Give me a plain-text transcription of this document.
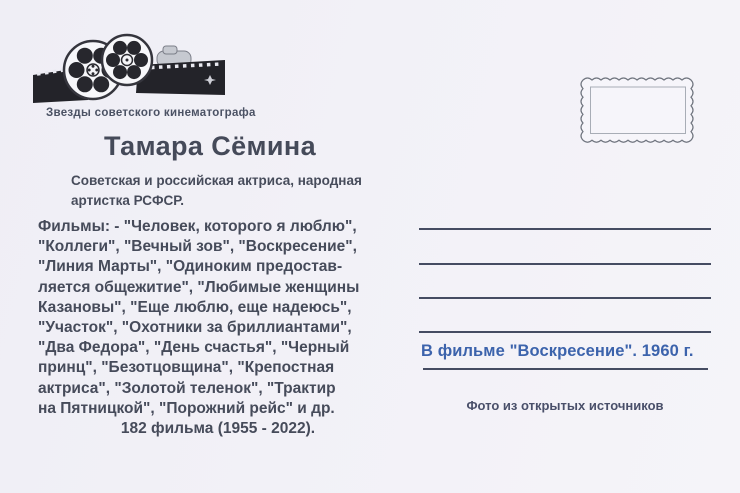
Звезды советского кинематографа
Тамара Сёмина
Советская и российская актриса, народная
артистка РСФСР.
Фильмы: - "Человек, которого я люблю",
"Коллеги", "Вечный зов", "Воскресение",
"Линия Марты", "Одиноким предостав-
ляется общежитие", "Любимые женщины
Казановы", "Еще люблю, еще надеюсь",
"Участок", "Охотники за бриллиантами",
"Два Федора", "День счастья", "Черный
принц", "Безотцовщина", "Крепостная
актриса", "Золотой теленок", "Трактир
на Пятницкой", "Порожний рейс" и др.
182 фильма (1955 - 2022).
В фильме "Воскресение". 1960 г.
Фото из открытых источников
